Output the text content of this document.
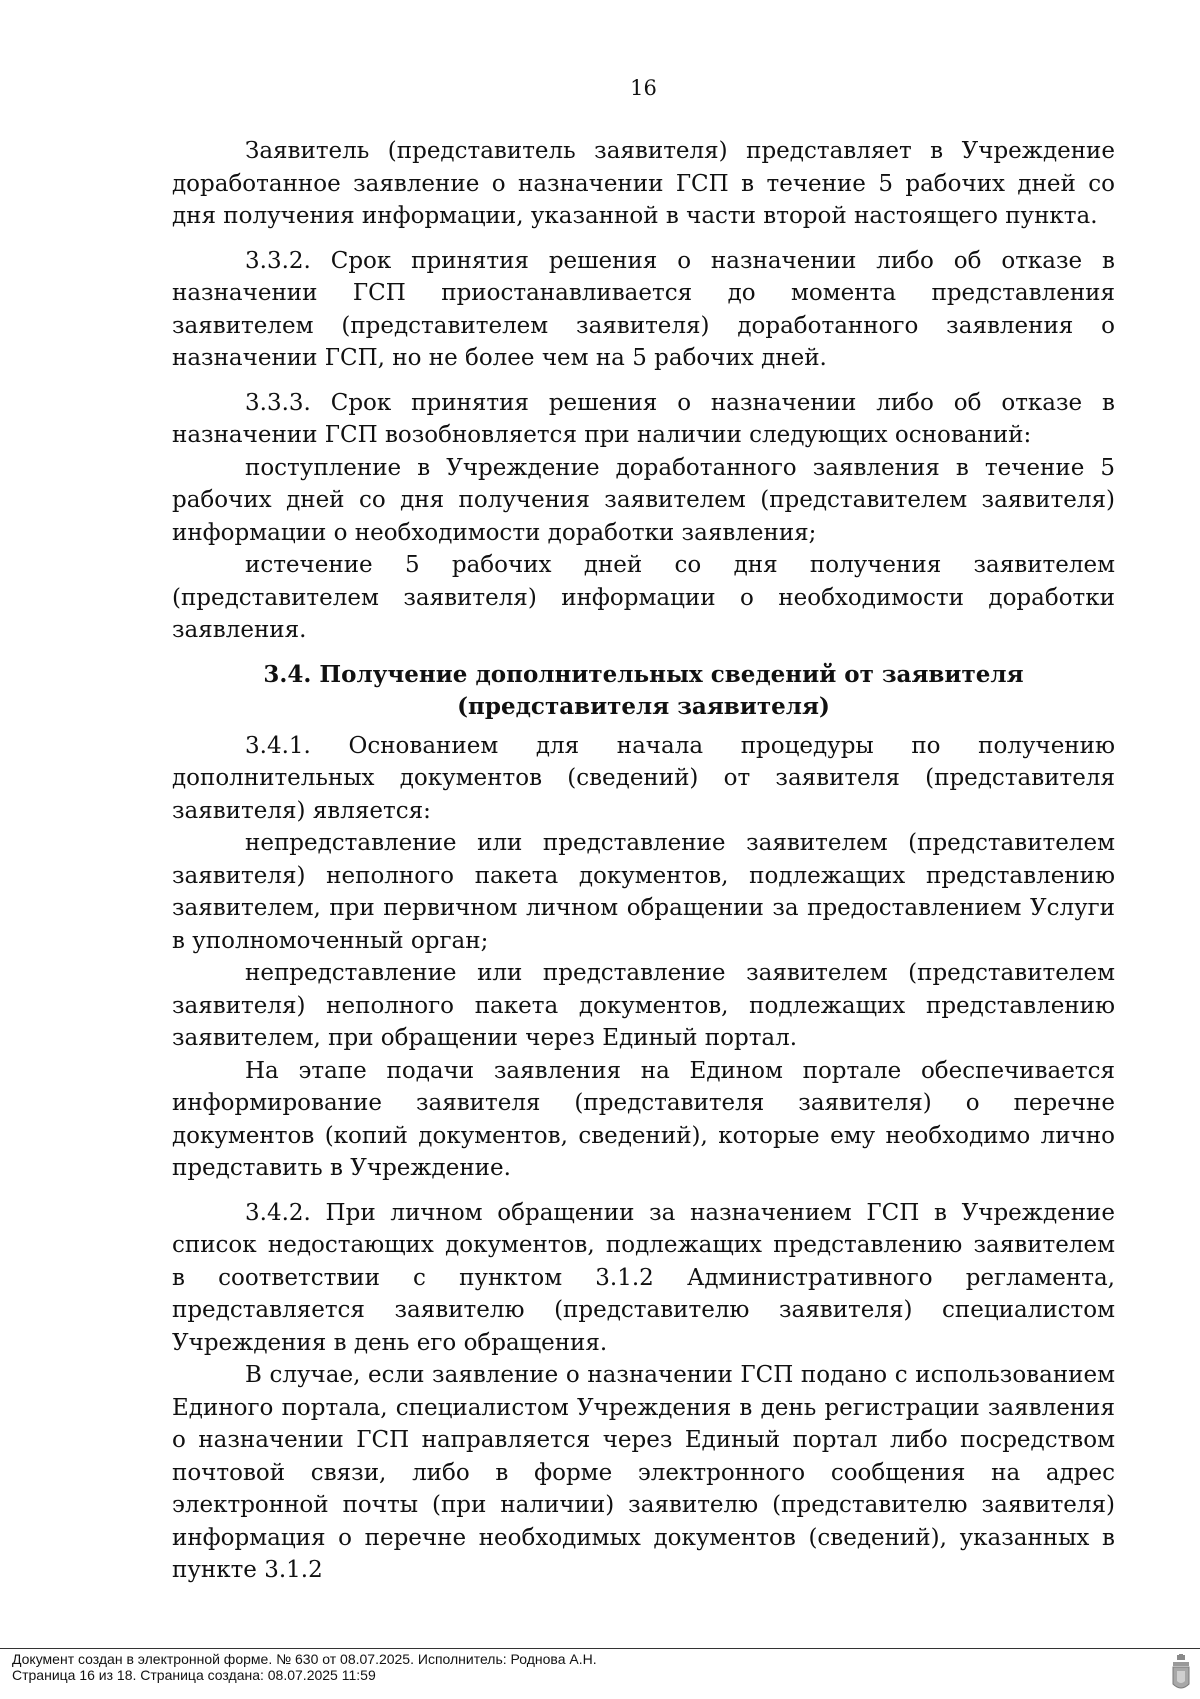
16

Заявитель (представитель заявителя) представляет в Учреждение доработанное заявление о назначении ГСП в течение 5 рабочих дней со дня получения информации, указанной в части второй настоящего пункта.

3.3.2. Срок принятия решения о назначении либо об отказе в назначении ГСП приостанавливается до момента представления заявителем (представителем заявителя) доработанного заявления о назначении ГСП, но не более чем на 5 рабочих дней.

3.3.3. Срок принятия решения о назначении либо об отказе в назначении ГСП возобновляется при наличии следующих оснований:

поступление в Учреждение доработанного заявления в течение 5 рабочих дней со дня получения заявителем (представителем заявителя) информации о необходимости доработки заявления;

истечение 5 рабочих дней со дня получения заявителем (представителем заявителя) информации о необходимости доработки заявления.

3.4. Получение дополнительных сведений от заявителя (представителя заявителя)

3.4.1. Основанием для начала процедуры по получению дополнительных документов (сведений) от заявителя (представителя заявителя) является:

непредставление или представление заявителем (представителем заявителя) неполного пакета документов, подлежащих представлению заявителем, при первичном личном обращении за предоставлением Услуги в уполномоченный орган;

непредставление или представление заявителем (представителем заявителя) неполного пакета документов, подлежащих представлению заявителем, при обращении через Единый портал.

На этапе подачи заявления на Едином портале обеспечивается информирование заявителя (представителя заявителя) о перечне документов (копий документов, сведений), которые ему необходимо лично представить в Учреждение.

3.4.2. При личном обращении за назначением ГСП в Учреждение список недостающих документов, подлежащих представлению заявителем в соответствии с пунктом 3.1.2 Административного регламента, представляется заявителю (представителю заявителя) специалистом Учреждения в день его обращения.

В случае, если заявление о назначении ГСП подано с использованием Единого портала, специалистом Учреждения в день регистрации заявления о назначении ГСП направляется через Единый портал либо посредством почтовой связи, либо в форме электронного сообщения на адрес электронной почты (при наличии) заявителю (представителю заявителя) информация о перечне необходимых документов (сведений), указанных в пункте 3.1.2

Документ создан в электронной форме. № 630 от 08.07.2025. Исполнитель: Роднова А.Н.
Страница 16 из 18. Страница создана: 08.07.2025 11:59
